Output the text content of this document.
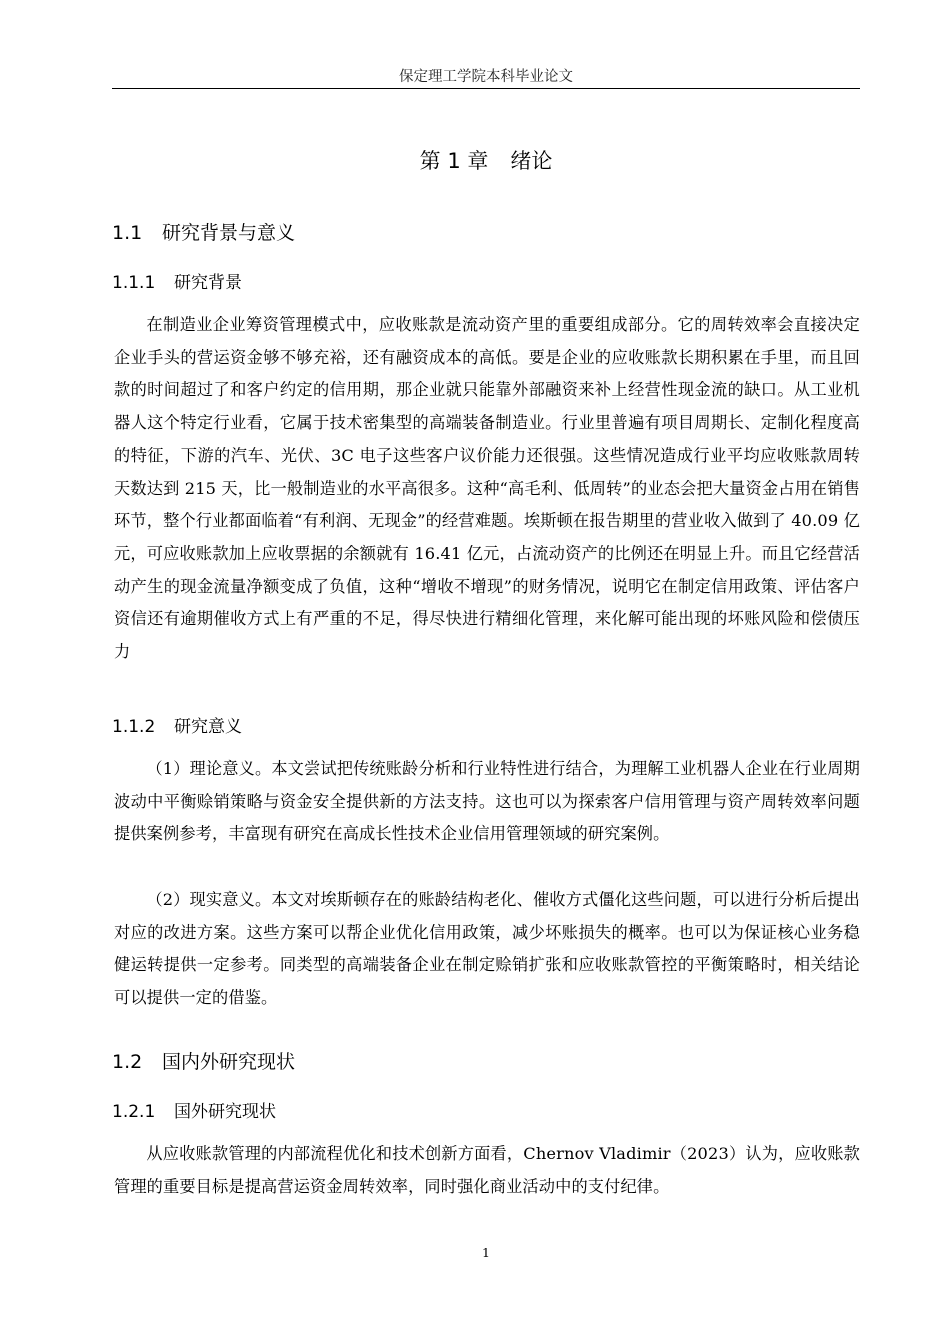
保定理工学院本科毕业论文
第 1 章 绪论
1.1 研究背景与意义
1.1.1 研究背景

在制造业企业筹资管理模式中，应收账款是流动资产里的重要组成部分。它的周转效率会直接决定企业手头的营运资金够不够充裕，还有融资成本的高低。要是企业的应收账款长期积累在手里，而且回款的时间超过了和客户约定的信用期，那企业就只能靠外部融资来补上经营性现金流的缺口。从工业机器人这个特定行业看，它属于技术密集型的高端装备制造业。行业里普遍有项目周期长、定制化程度高的特征，下游的汽车、光伏、3C 电子这些客户议价能力还很强。这些情况造成行业平均应收账款周转天数达到 215 天，比一般制造业的水平高很多。这种“高毛利、低周转”的业态会把大量资金占用在销售环节，整个行业都面临着“有利润、无现金”的经营难题。埃斯顿在报告期里的营业收入做到了 40.09 亿元，可应收账款加上应收票据的余额就有 16.41 亿元，占流动资产的比例还在明显上升。而且它经营活动产生的现金流量净额变成了负值，这种“增收不增现”的财务情况，说明它在制定信用政策、评估客户资信还有逾期催收方式上有严重的不足，得尽快进行精细化管理，来化解可能出现的坏账风险和偿债压力

1.1.2 研究意义

（1）理论意义。本文尝试把传统账龄分析和行业特性进行结合，为理解工业机器人企业在行业周期波动中平衡赊销策略与资金安全提供新的方法支持。这也可以为探索客户信用管理与资产周转效率问题提供案例参考，丰富现有研究在高成长性技术企业信用管理领域的研究案例。

（2）现实意义。本文对埃斯顿存在的账龄结构老化、催收方式僵化这些问题，可以进行分析后提出对应的改进方案。这些方案可以帮企业优化信用政策，减少坏账损失的概率。也可以为保证核心业务稳健运转提供一定参考。同类型的高端装备企业在制定赊销扩张和应收账款管控的平衡策略时，相关结论可以提供一定的借鉴。

1.2 国内外研究现状
1.2.1 国外研究现状

从应收账款管理的内部流程优化和技术创新方面看，Chernov Vladimir（2023）认为，应收账款管理的重要目标是提高营运资金周转效率，同时强化商业活动中的支付纪律。

1
